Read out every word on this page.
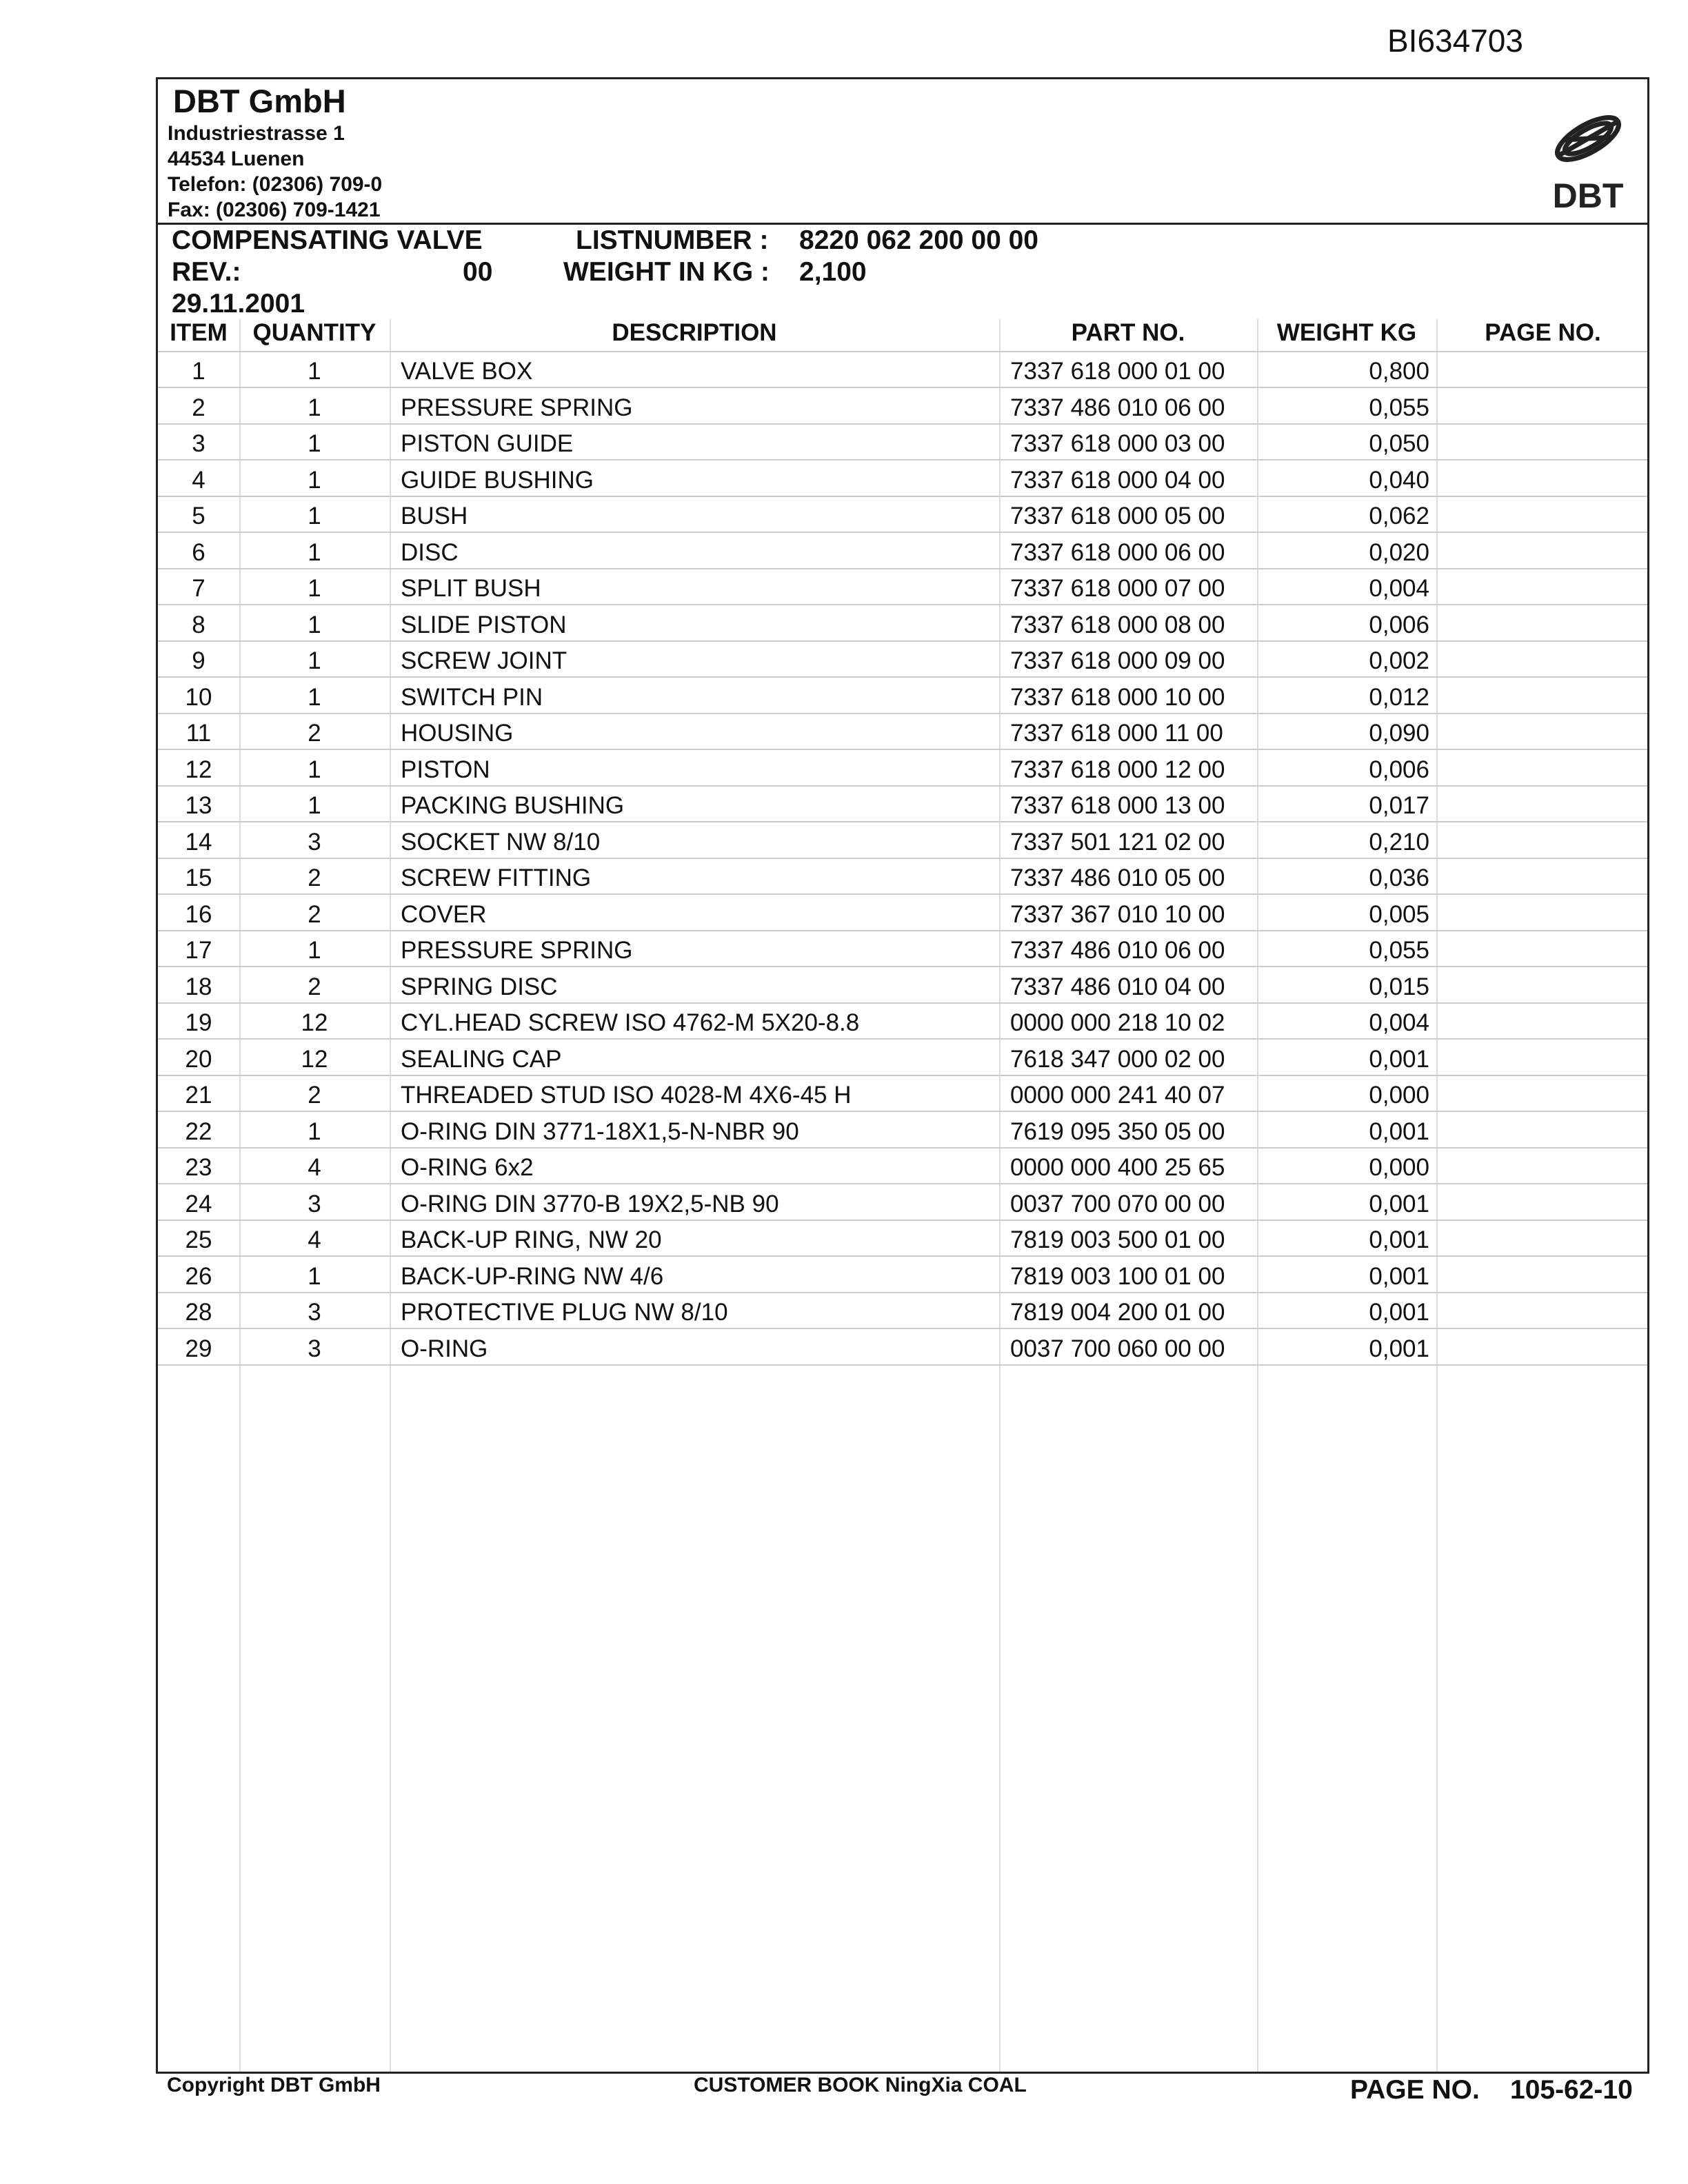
BI634703
DBT GmbH
Industriestrasse 1
44534 Luenen
Telefon: (02306) 709-0
Fax: (02306) 709-1421	DBT
COMPENSATING VALVE	LISTNUMBER : 8220 062 200 00 00
REV.:	00	WEIGHT IN KG : 2,100
29.11.2001
ITEM	QUANTITY	DESCRIPTION	PART NO.	WEIGHT KG	PAGE NO.
1	1	VALVE BOX	7337 618 000 01 00	0,800
2	1	PRESSURE SPRING	7337 486 010 06 00	0,055
3	1	PISTON GUIDE	7337 618 000 03 00	0,050
4	1	GUIDE BUSHING	7337 618 000 04 00	0,040
5	1	BUSH	7337 618 000 05 00	0,062
6	1	DISC	7337 618 000 06 00	0,020
7	1	SPLIT BUSH	7337 618 000 07 00	0,004
8	1	SLIDE PISTON	7337 618 000 08 00	0,006
9	1	SCREW JOINT	7337 618 000 09 00	0,002
10	1	SWITCH PIN	7337 618 000 10 00	0,012
11	2	HOUSING	7337 618 000 11 00	0,090
12	1	PISTON	7337 618 000 12 00	0,006
13	1	PACKING BUSHING	7337 618 000 13 00	0,017
14	3	SOCKET NW 8/10	7337 501 121 02 00	0,210
15	2	SCREW FITTING	7337 486 010 05 00	0,036
16	2	COVER	7337 367 010 10 00	0,005
17	1	PRESSURE SPRING	7337 486 010 06 00	0,055
18	2	SPRING DISC	7337 486 010 04 00	0,015
19	12	CYL.HEAD SCREW ISO 4762-M 5X20-8.8	0000 000 218 10 02	0,004
20	12	SEALING CAP	7618 347 000 02 00	0,001
21	2	THREADED STUD ISO 4028-M 4X6-45 H	0000 000 241 40 07	0,000
22	1	O-RING DIN 3771-18X1,5-N-NBR 90	7619 095 350 05 00	0,001
23	4	O-RING 6x2	0000 000 400 25 65	0,000
24	3	O-RING DIN 3770-B 19X2,5-NB 90	0037 700 070 00 00	0,001
25	4	BACK-UP RING, NW 20	7819 003 500 01 00	0,001
26	1	BACK-UP-RING NW 4/6	7819 003 100 01 00	0,001
28	3	PROTECTIVE PLUG NW 8/10	7819 004 200 01 00	0,001
29	3	O-RING	0037 700 060 00 00	0,001
Copyright DBT GmbH	CUSTOMER BOOK NingXia COAL	PAGE NO. 105-62-10
